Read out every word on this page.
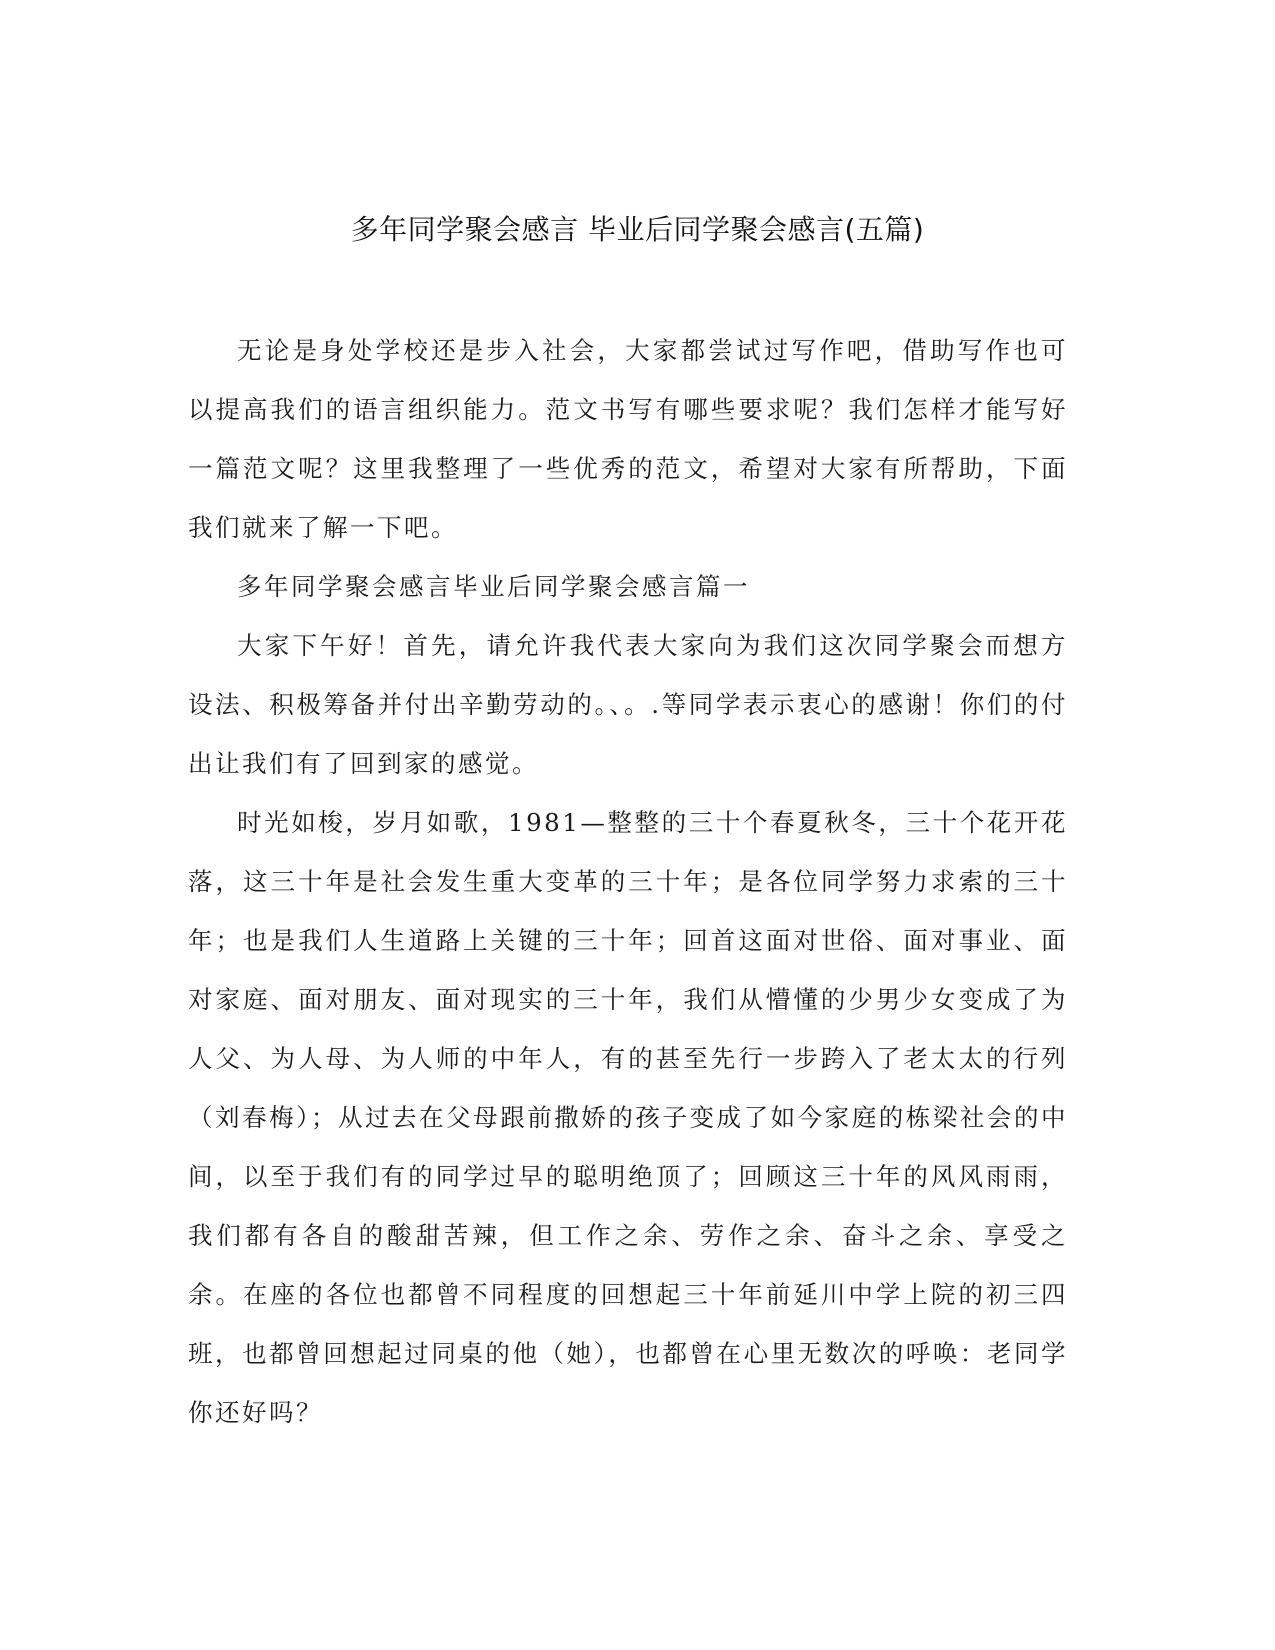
多年同学聚会感言 毕业后同学聚会感言(五篇)

无论是身处学校还是步入社会，大家都尝试过写作吧，借助写作也可以提高我们的语言组织能力。范文书写有哪些要求呢？我们怎样才能写好一篇范文呢？这里我整理了一些优秀的范文，希望对大家有所帮助，下面我们就来了解一下吧。

多年同学聚会感言毕业后同学聚会感言篇一

大家下午好！首先，请允许我代表大家向为我们这次同学聚会而想方设法、积极筹备并付出辛勤劳动的。、。.等同学表示衷心的感谢！你们的付出让我们有了回到家的感觉。

时光如梭，岁月如歌，1981—整整的三十个春夏秋冬，三十个花开花落，这三十年是社会发生重大变革的三十年；是各位同学努力求索的三十年；也是我们人生道路上关键的三十年；回首这面对世俗、面对事业、面对家庭、面对朋友、面对现实的三十年，我们从懵懂的少男少女变成了为人父、为人母、为人师的中年人，有的甚至先行一步跨入了老太太的行列（刘春梅）；从过去在父母跟前撒娇的孩子变成了如今家庭的栋梁社会的中间，以至于我们有的同学过早的聪明绝顶了；回顾这三十年的风风雨雨，我们都有各自的酸甜苦辣，但工作之余、劳作之余、奋斗之余、享受之余。在座的各位也都曾不同程度的回想起三十年前延川中学上院的初三四班，也都曾回想起过同桌的他（她），也都曾在心里无数次的呼唤：老同学你还好吗？
